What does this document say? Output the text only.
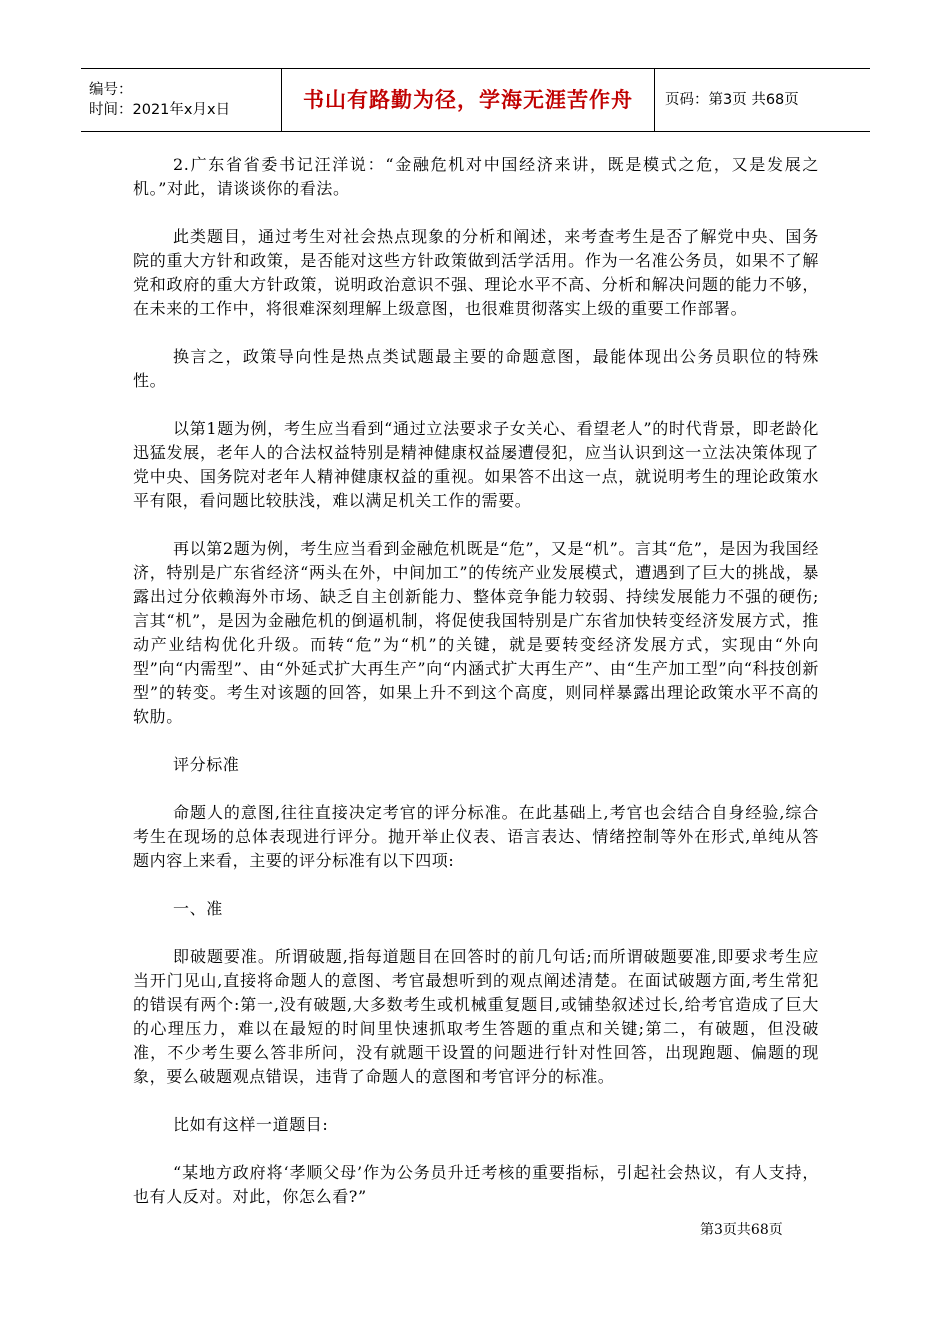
编号：
时间：2021年x月x日	书山有路勤为径，学海无涯苦作舟	页码：第3页 共68页

2.广东省省委书记汪洋说：“金融危机对中国经济来讲，既是模式之危，又是发展之机。”对此，请谈谈你的看法。

此类题目，通过考生对社会热点现象的分析和阐述，来考查考生是否了解党中央、国务院的重大方针和政策，是否能对这些方针政策做到活学活用。作为一名准公务员，如果不了解党和政府的重大方针政策，说明政治意识不强、理论水平不高、分析和解决问题的能力不够，在未来的工作中，将很难深刻理解上级意图，也很难贯彻落实上级的重要工作部署。

换言之，政策导向性是热点类试题最主要的命题意图，最能体现出公务员职位的特殊性。

以第1题为例，考生应当看到“通过立法要求子女关心、看望老人”的时代背景，即老龄化迅猛发展，老年人的合法权益特别是精神健康权益屡遭侵犯，应当认识到这一立法决策体现了党中央、国务院对老年人精神健康权益的重视。如果答不出这一点，就说明考生的理论政策水平有限，看问题比较肤浅，难以满足机关工作的需要。

再以第2题为例，考生应当看到金融危机既是“危”，又是“机”。言其“危”，是因为我国经济，特别是广东省经济“两头在外，中间加工”的传统产业发展模式，遭遇到了巨大的挑战，暴露出过分依赖海外市场、缺乏自主创新能力、整体竞争能力较弱、持续发展能力不强的硬伤;言其“机”，是因为金融危机的倒逼机制，将促使我国特别是广东省加快转变经济发展方式，推动产业结构优化升级。而转“危”为“机”的关键，就是要转变经济发展方式，实现由“外向型”向“内需型”、由“外延式扩大再生产”向“内涵式扩大再生产”、由“生产加工型”向“科技创新型”的转变。考生对该题的回答，如果上升不到这个高度，则同样暴露出理论政策水平不高的软肋。

评分标准

命题人的意图,往往直接决定考官的评分标准。在此基础上,考官也会结合自身经验,综合考生在现场的总体表现进行评分。抛开举止仪表、语言表达、情绪控制等外在形式,单纯从答题内容上来看，主要的评分标准有以下四项:

一、准

即破题要准。所谓破题,指每道题目在回答时的前几句话;而所谓破题要准,即要求考生应当开门见山,直接将命题人的意图、考官最想听到的观点阐述清楚。在面试破题方面,考生常犯的错误有两个:第一,没有破题,大多数考生或机械重复题目,或铺垫叙述过长,给考官造成了巨大的心理压力，难以在最短的时间里快速抓取考生答题的重点和关键;第二，有破题，但没破准，不少考生要么答非所问，没有就题干设置的问题进行针对性回答，出现跑题、偏题的现象，要么破题观点错误，违背了命题人的意图和考官评分的标准。

比如有这样一道题目:

“某地方政府将‘孝顺父母’作为公务员升迁考核的重要指标，引起社会热议，有人支持，也有人反对。对此，你怎么看?”

第3页共68页
